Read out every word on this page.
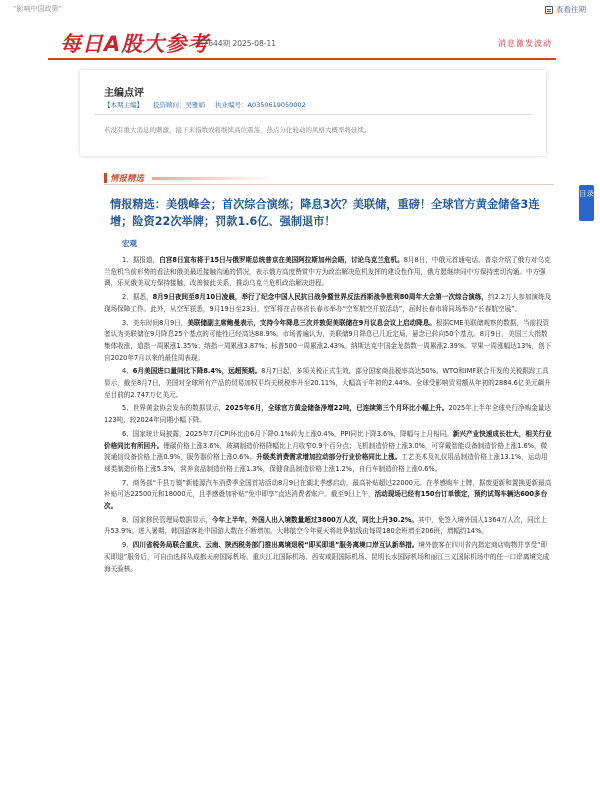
"影响中国政策"	查看往期
每日A股大参考
第7644期 2025-08-11	消息激发波动
主编点评
【本期主编】 投资顾问：吴雅娟 执业编号：A0350619050002
若没有重大消息的刺激，接下来指数或将继续高位震荡，热点分化轮动的风格大概率将延续。
情报精选
目录
情报精选：美俄峰会；首次综合演练；降息3次？美联储，重磅！全球官方黄金储备3连增；险资22次举牌；罚款1.6亿、强制退市！
宏观

1、据报道，白宫8日宣布将于15日与俄罗斯总统普京在美国阿拉斯加州会晤，讨论乌克兰危机。8月8日，中俄元首通电话。普京介绍了俄方对乌克兰危机当前形势的看法和俄美最近接触沟通的情况，表示俄方高度赞赏中方为政治解决危机发挥的建设性作用，俄方愿继续同中方保持密切沟通。中方强调，乐见俄美双方保持接触，改善彼此关系，推动乌克兰危机政治解决进程。

2、据悉，8月9日夜间至8月10日凌晨，举行了纪念中国人民抗日战争暨世界反法西斯战争胜利80周年大会第一次综合演练，约2.2万人参加演练及现场保障工作。此外，从空军获悉，9月19日至23日，空军将在吉林省长春市举办“空军航空开放活动”，届时长春市将同场举办“长春航空展”。

3、美东时间8月9日，美联储副主席鲍曼表示，支持今年降息三次并敦促美联储在9月议息会议上启动降息。根据CME美联储观察的数据，当前投资者认为美联储在9月降息25个基点的可能性已经高达88.9%。市场普遍认为，美联储9月降息已几近定局，悬念已转向50个基点。8月9日，美国三大指数集体收涨，道指一周累涨1.35%；纳指一周累涨3.87%；标普500一周累涨2.43%。纳斯达克中国金龙指数一周累涨2.39%。苹果一周涨幅达13%，创下自2020年7月以来的最佳周表现。

4、6月美国进口量同比下降8.4%，远超预期。8月7日起，多项关税正式生效，部分国家商品税率高达50%。WTO和IMF联合开发的关税跟踪工具显示，截至8月7日，美国对全球所有产品的贸易加权平均关税税率升至20.11%，大幅高于年初的2.44%。全球受影响贸易额从年初的2884.6亿美元飙升至目前的2.747万亿美元。

5、世界黄金协会发布的数据显示，2025年6月，全球官方黄金储备净增22吨，已连续第三个月环比小幅上升。2025年上半年全球央行净购金量达123吨，较2024年同期小幅下降。

6、国家统计局披露，2025年7月CPI环比由6月下降0.1%转为上涨0.4%，PPI同比下降3.6%，降幅与上月相同。新兴产业快速成长壮大，相关行业价格同比有所回升。锂碳价格上涨3.6%，玻璃制造价格降幅比上月收窄0.9个百分点；飞机制造价格上涨3.0%，可穿戴智能设备制造价格上涨1.6%，微波通信设备价格上涨0.9%，服务器价格上涨0.6%。升级类消费需求增加拉动部分行业价格同比上涨。工艺美术及礼仪用品制造价格上涨13.1%，运动用球类制造价格上涨5.3%，营养食品制造价格上涨1.3%，保健食品制造价格上涨1.2%，自行车制造价格上涨0.6%。

7、商务部“千县万镇”新能源汽车消费季全国首站活动8月9日在湖北孝感启动，最高补贴超过22000元。在孝感购车上牌，据废更新和置换更新最高补贴可达22500元和18000元，且孝感叠加补贴“免申即享”直达消费者账户。截至9日上午，活动现场已经有150台订单锁定，预约试驾车辆达600多台次。

8、国家移民管理局数据显示，今年上半年，外国人出入境数量超过3800万人次，同比上升30.2%。其中，免签入境外国人1364万人次，同比上升53.9%。进入暑期，韩国游客赴中国游人数在不断增加。大韩航空今年夏天将赴华航线由每周180余班增至206班，增幅约14%。

9、四川省税务局联合重庆、云南、陕西税务部门推出离境退税“即买即退”服务离境口岸互认新举措。境外旅客在四川省内指定商店购物并享受“即买即退”服务后，可自由选择从成都天府国际机场、重庆江北国际机场、西安咸阳国际机场、昆明长水国际机场和丽江三义国际机场中的任一口岸离境完成海关验核。
